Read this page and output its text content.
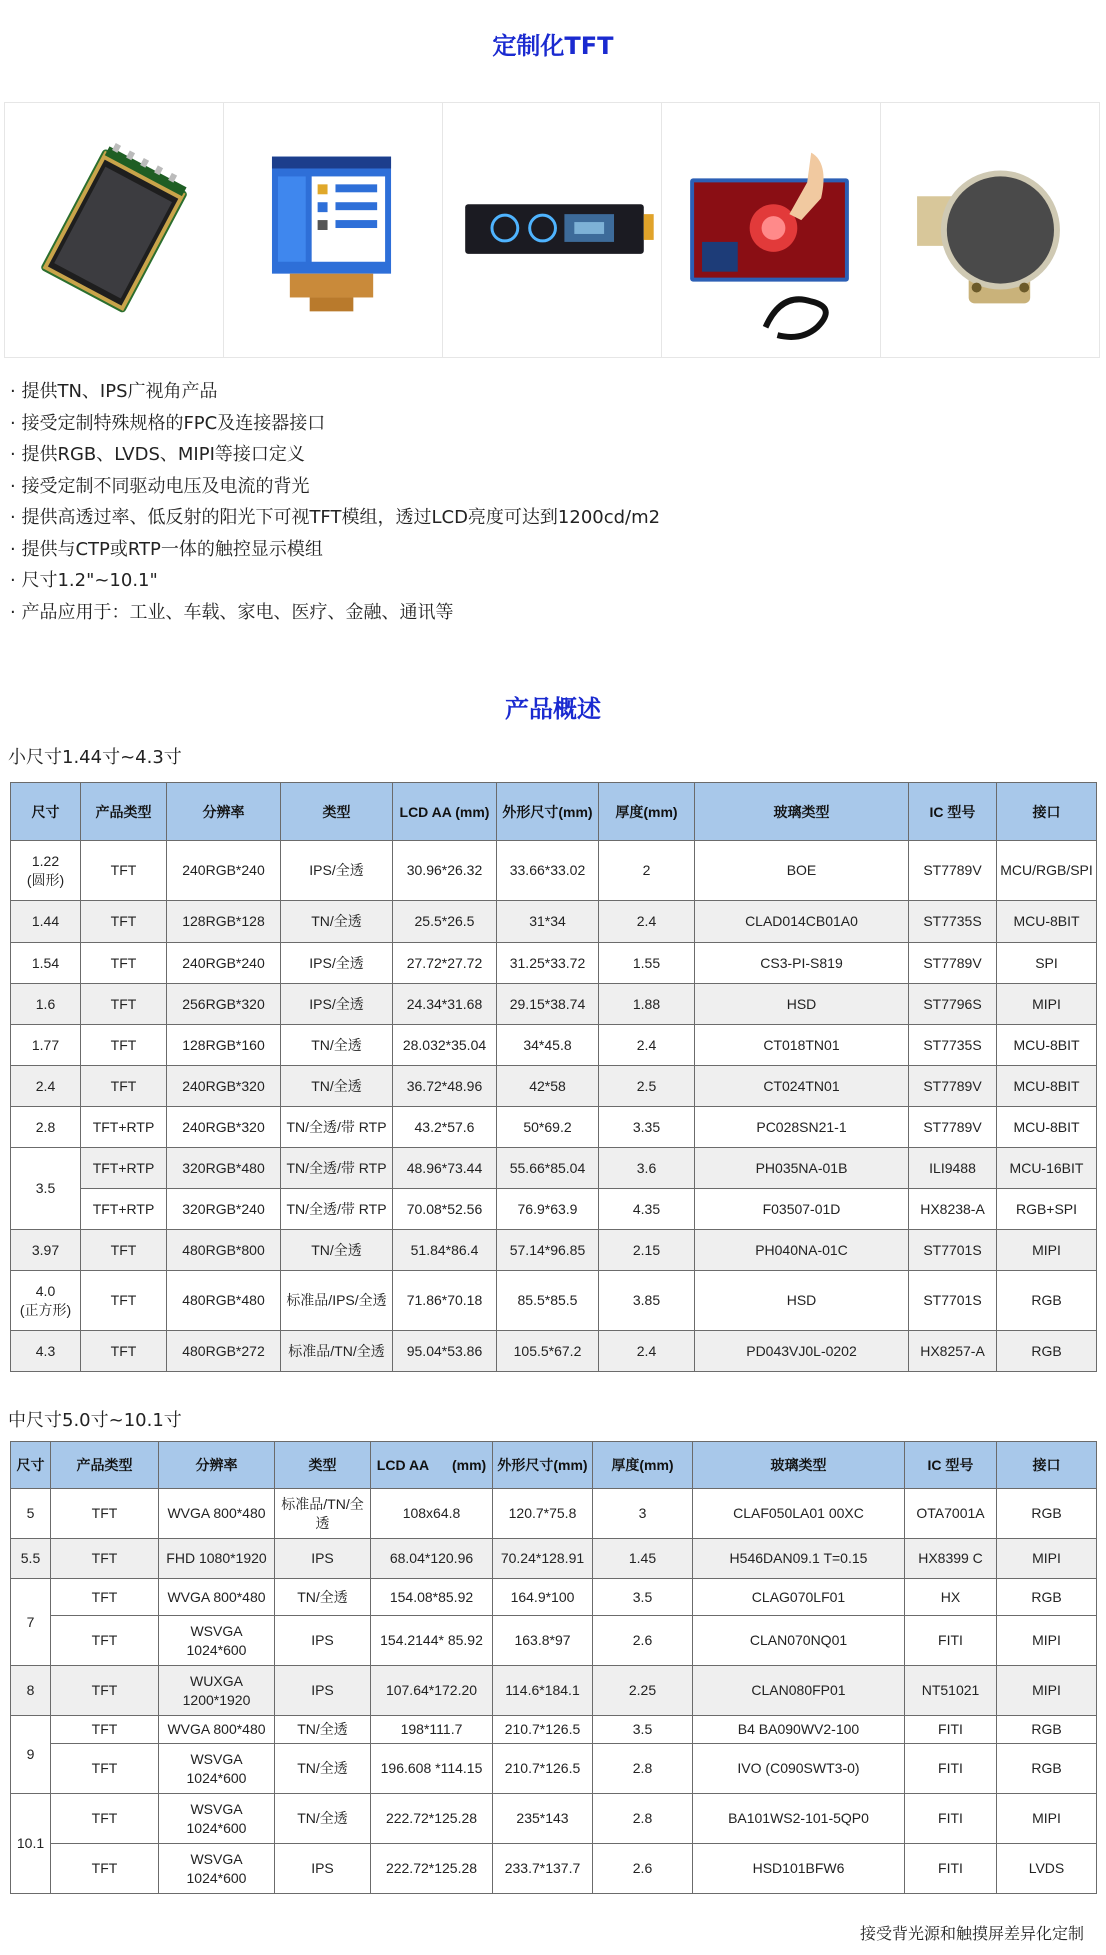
定制化TFT
· 提供TN、IPS广视角产品
· 接受定制特殊规格的FPC及连接器接口
· 提供RGB、LVDS、MIPI等接口定义
· 接受定制不同驱动电压及电流的背光
· 提供高透过率、低反射的阳光下可视TFT模组，透过LCD亮度可达到1200cd/m2
· 提供与CTP或RTP一体的触控显示模组
· 尺寸1.2"~10.1"
· 产品应用于：工业、车载、家电、医疗、金融、通讯等
产品概述
小尺寸1.44寸~4.3寸
尺寸	产品类型	分辨率	类型	LCD AA (mm)	外形尺寸(mm)	厚度(mm)	玻璃类型	IC 型号	接口
1.22
(圆形)	TFT	240RGB*240	IPS/全透	30.96*26.32	33.66*33.02	2	BOE	ST7789V	MCU/RGB/SPI
1.44	TFT	128RGB*128	TN/全透	25.5*26.5	31*34	2.4	CLAD014CB01A0	ST7735S	MCU-8BIT
1.54	TFT	240RGB*240	IPS/全透	27.72*27.72	31.25*33.72	1.55	CS3-PI-S819	ST7789V	SPI
1.6	TFT	256RGB*320	IPS/全透	24.34*31.68	29.15*38.74	1.88	HSD	ST7796S	MIPI
1.77	TFT	128RGB*160	TN/全透	28.032*35.04	34*45.8	2.4	CT018TN01	ST7735S	MCU-8BIT
2.4	TFT	240RGB*320	TN/全透	36.72*48.96	42*58	2.5	CT024TN01	ST7789V	MCU-8BIT
2.8	TFT+RTP	240RGB*320	TN/全透/带 RTP	43.2*57.6	50*69.2	3.35	PC028SN21-1	ST7789V	MCU-8BIT
3.5	TFT+RTP	320RGB*480	TN/全透/带 RTP	48.96*73.44	55.66*85.04	3.6	PH035NA-01B	ILI9488	MCU-16BIT
	TFT+RTP	320RGB*240	TN/全透/带 RTP	70.08*52.56	76.9*63.9	4.35	F03507-01D	HX8238-A	RGB+SPI
3.97	TFT	480RGB*800	TN/全透	51.84*86.4	57.14*96.85	2.15	PH040NA-01C	ST7701S	MIPI
4.0
(正方形)	TFT	480RGB*480	标准品/IPS/全透	71.86*70.18	85.5*85.5	3.85	HSD	ST7701S	RGB
4.3	TFT	480RGB*272	标准品/TN/全透	95.04*53.86	105.5*67.2	2.4	PD043VJ0L-0202	HX8257-A	RGB
中尺寸5.0寸~10.1寸
尺寸	产品类型	分辨率	类型	LCD AA      (mm)	外形尺寸(mm)	厚度(mm)	玻璃类型	IC 型号	接口
5	TFT	WVGA 800*480	标准品/TN/全
透	108x64.8	120.7*75.8	3	CLAF050LA01 00XC	OTA7001A	RGB
5.5	TFT	FHD 1080*1920	IPS	68.04*120.96	70.24*128.91	1.45	H546DAN09.1 T=0.15	HX8399 C	MIPI
7	TFT	WVGA 800*480	TN/全透	154.08*85.92	164.9*100	3.5	CLAG070LF01	HX	RGB
	TFT	WSVGA
1024*600	IPS	154.2144* 85.92	163.8*97	2.6	CLAN070NQ01	FITI	MIPI
8	TFT	WUXGA
1200*1920	IPS	107.64*172.20	114.6*184.1	2.25	CLAN080FP01	NT51021	MIPI
9	TFT	WVGA 800*480	TN/全透	198*111.7	210.7*126.5	3.5	B4 BA090WV2-100	FITI	RGB
	TFT	WSVGA
1024*600	TN/全透	196.608 *114.15	210.7*126.5	2.8	IVO (C090SWT3-0)	FITI	RGB
10.1	TFT	WSVGA
1024*600	TN/全透	222.72*125.28	235*143	2.8	BA101WS2-101-5QP0	FITI	MIPI
	TFT	WSVGA
1024*600	IPS	222.72*125.28	233.7*137.7	2.6	HSD101BFW6	FITI	LVDS
接受背光源和触摸屏差异化定制
